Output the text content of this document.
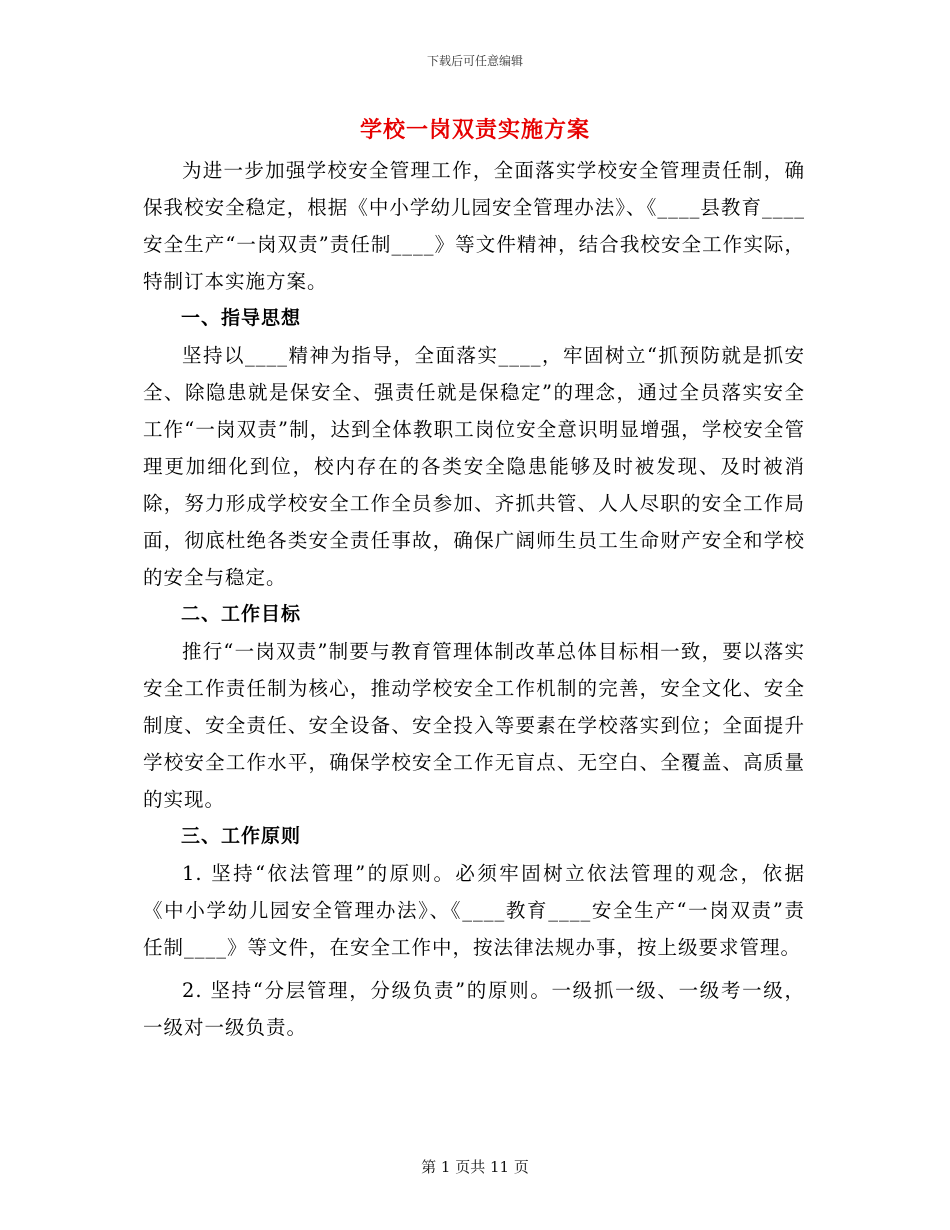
下载后可任意编辑
学校一岗双责实施方案

为进一步加强学校安全管理工作，全面落实学校安全管理责任制，确保我校安全稳定，根据《中小学幼儿园安全管理办法》、《____县教育____安全生产“一岗双责”责任制____》等文件精神，结合我校安全工作实际，特制订本实施方案。

一、指导思想

坚持以____精神为指导，全面落实____，牢固树立“抓预防就是抓安全、除隐患就是保安全、强责任就是保稳定”的理念，通过全员落实安全工作“一岗双责”制，达到全体教职工岗位安全意识明显增强，学校安全管理更加细化到位，校内存在的各类安全隐患能够及时被发现、及时被消除，努力形成学校安全工作全员参加、齐抓共管、人人尽职的安全工作局面，彻底杜绝各类安全责任事故，确保广阔师生员工生命财产安全和学校的安全与稳定。

二、工作目标

推行“一岗双责”制要与教育管理体制改革总体目标相一致，要以落实安全工作责任制为核心，推动学校安全工作机制的完善，安全文化、安全制度、安全责任、安全设备、安全投入等要素在学校落实到位；全面提升学校安全工作水平，确保学校安全工作无盲点、无空白、全覆盖、高质量的实现。

三、工作原则

1. 坚持“依法管理”的原则。必须牢固树立依法管理的观念，依据《中小学幼儿园安全管理办法》、《____教育____安全生产“一岗双责”责任制____》等文件，在安全工作中，按法律法规办事，按上级要求管理。

2. 坚持“分层管理，分级负责”的原则。一级抓一级、一级考一级，一级对一级负责。

第 1 页共 11 页
